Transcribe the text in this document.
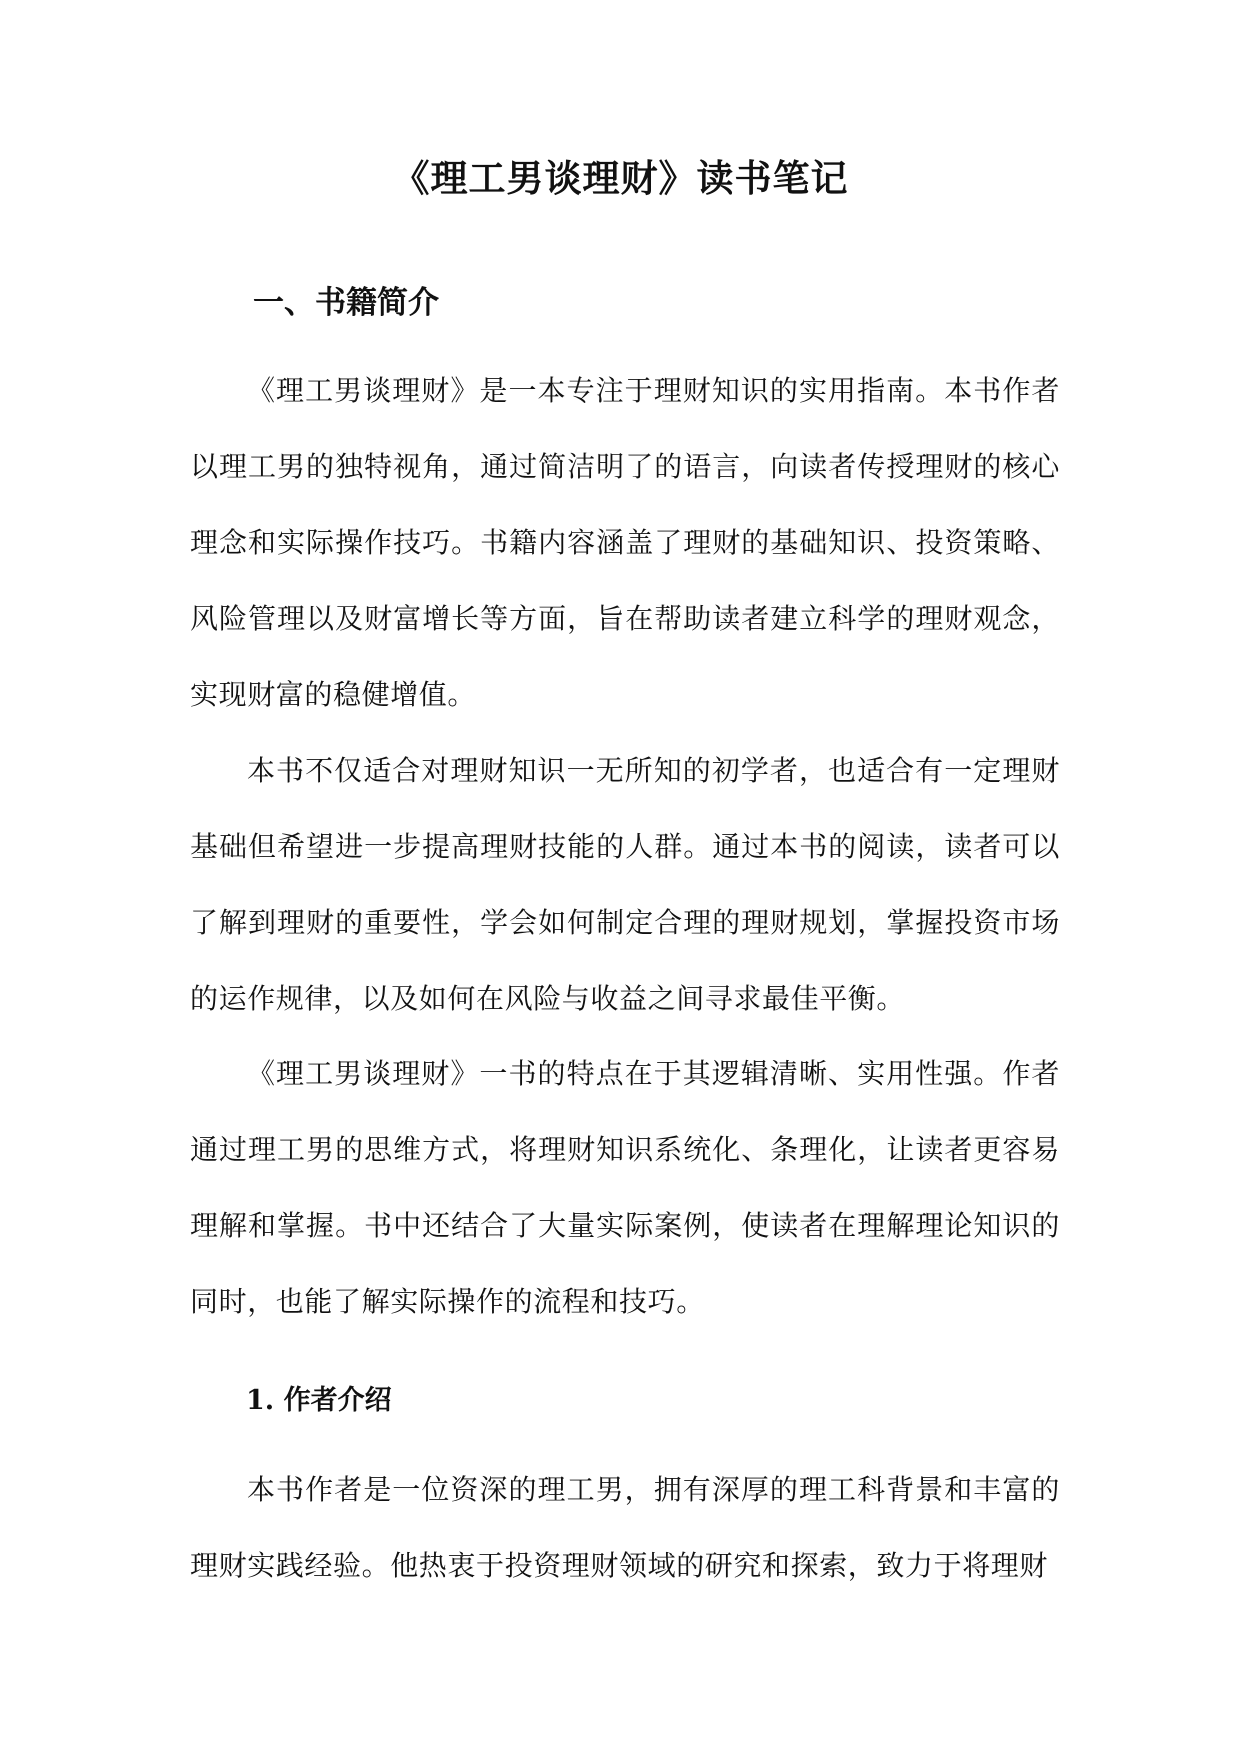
《理工男谈理财》读书笔记
一、书籍简介

《理工男谈理财》是一本专注于理财知识的实用指南。本书作者以理工男的独特视角，通过简洁明了的语言，向读者传授理财的核心理念和实际操作技巧。书籍内容涵盖了理财的基础知识、投资策略、风险管理以及财富增长等方面，旨在帮助读者建立科学的理财观念，实现财富的稳健增值。

本书不仅适合对理财知识一无所知的初学者，也适合有一定理财基础但希望进一步提高理财技能的人群。通过本书的阅读，读者可以了解到理财的重要性，学会如何制定合理的理财规划，掌握投资市场的运作规律，以及如何在风险与收益之间寻求最佳平衡。

《理工男谈理财》一书的特点在于其逻辑清晰、实用性强。作者通过理工男的思维方式，将理财知识系统化、条理化，让读者更容易理解和掌握。书中还结合了大量实际案例，使读者在理解理论知识的同时，也能了解实际操作的流程和技巧。

1. 作者介绍

本书作者是一位资深的理工男，拥有深厚的理工科背景和丰富的理财实践经验。他热衷于投资理财领域的研究和探索，致力于将理财
